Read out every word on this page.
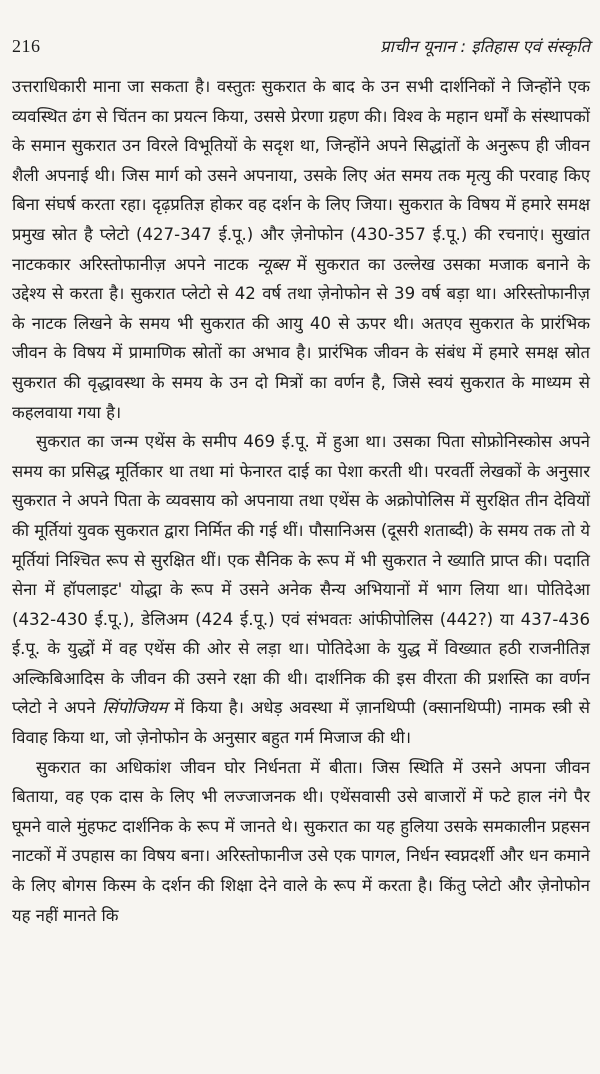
216	प्राचीन यूनान : इतिहास एवं संस्कृति

उत्तराधिकारी माना जा सकता है। वस्तुतः सुकरात के बाद के उन सभी दार्शनिकों ने जिन्होंने एक व्यवस्थित ढंग से चिंतन का प्रयत्न किया, उससे प्रेरणा ग्रहण की। विश्व के महान धर्मों के संस्थापकों के समान सुकरात उन विरले विभूतियों के सदृश था, जिन्होंने अपने सिद्धांतों के अनुरूप ही जीवन शैली अपनाई थी। जिस मार्ग को उसने अपनाया, उसके लिए अंत समय तक मृत्यु की परवाह किए बिना संघर्ष करता रहा। दृढ़प्रतिज्ञ होकर वह दर्शन के लिए जिया। सुकरात के विषय में हमारे समक्ष प्रमुख स्रोत है प्लेटो (427-347 ई.पू.) और ज़ेनोफोन (430-357 ई.पू.) की रचनाएं। सुखांत नाटककार अरिस्तोफानीज़ अपने नाटक न्यूब्स में सुकरात का उल्लेख उसका मजाक बनाने के उद्देश्य से करता है। सुकरात प्लेटो से 42 वर्ष तथा ज़ेनोफोन से 39 वर्ष बड़ा था। अरिस्तोफानीज़ के नाटक लिखने के समय भी सुकरात की आयु 40 से ऊपर थी। अतएव सुकरात के प्रारंभिक जीवन के विषय में प्रामाणिक स्रोतों का अभाव है। प्रारंभिक जीवन के संबंध में हमारे समक्ष स्रोत सुकरात की वृद्धावस्था के समय के उन दो मित्रों का वर्णन है, जिसे स्वयं सुकरात के माध्यम से कहलवाया गया है।

सुकरात का जन्म एथेंस के समीप 469 ई.पू. में हुआ था। उसका पिता सोफ्रोनिस्कोस अपने समय का प्रसिद्ध मूर्तिकार था तथा मां फेनारत दाई का पेशा करती थी। परवर्ती लेखकों के अनुसार सुकरात ने अपने पिता के व्यवसाय को अपनाया तथा एथेंस के अक्रोपोलिस में सुरक्षित तीन देवियों की मूर्तियां युवक सुकरात द्वारा निर्मित की गई थीं। पौसानिअस (दूसरी शताब्दी) के समय तक तो ये मूर्तियां निश्चित रूप से सुरक्षित थीं। एक सैनिक के रूप में भी सुकरात ने ख्याति प्राप्त की। पदाति सेना में हॉपलाइट' योद्धा के रूप में उसने अनेक सैन्य अभियानों में भाग लिया था। पोतिदेआ (432-430 ई.पू.), डेलिअम (424 ई.पू.) एवं संभवतः आंफीपोलिस (442?) या 437-436 ई.पू. के युद्धों में वह एथेंस की ओर से लड़ा था। पोतिदेआ के युद्ध में विख्यात हठी राजनीतिज्ञ अल्किबिआदिस के जीवन की उसने रक्षा की थी। दार्शनिक की इस वीरता की प्रशस्ति का वर्णन प्लेटो ने अपने सिंपोजियम में किया है। अधेड़ अवस्था में ज़ानथिप्पी (क्सानथिप्पी) नामक स्त्री से विवाह किया था, जो ज़ेनोफोन के अनुसार बहुत गर्म मिजाज की थी।

सुकरात का अधिकांश जीवन घोर निर्धनता में बीता। जिस स्थिति में उसने अपना जीवन बिताया, वह एक दास के लिए भी लज्जाजनक थी। एथेंसवासी उसे बाजारों में फटे हाल नंगे पैर घूमने वाले मुंहफट दार्शनिक के रूप में जानते थे। सुकरात का यह हुलिया उसके समकालीन प्रहसन नाटकों में उपहास का विषय बना। अरिस्तोफानीज उसे एक पागल, निर्धन स्वप्नदर्शी और धन कमाने के लिए बोगस किस्म के दर्शन की शिक्षा देने वाले के रूप में करता है। किंतु प्लेटो और ज़ेनोफोन यह नहीं मानते कि
